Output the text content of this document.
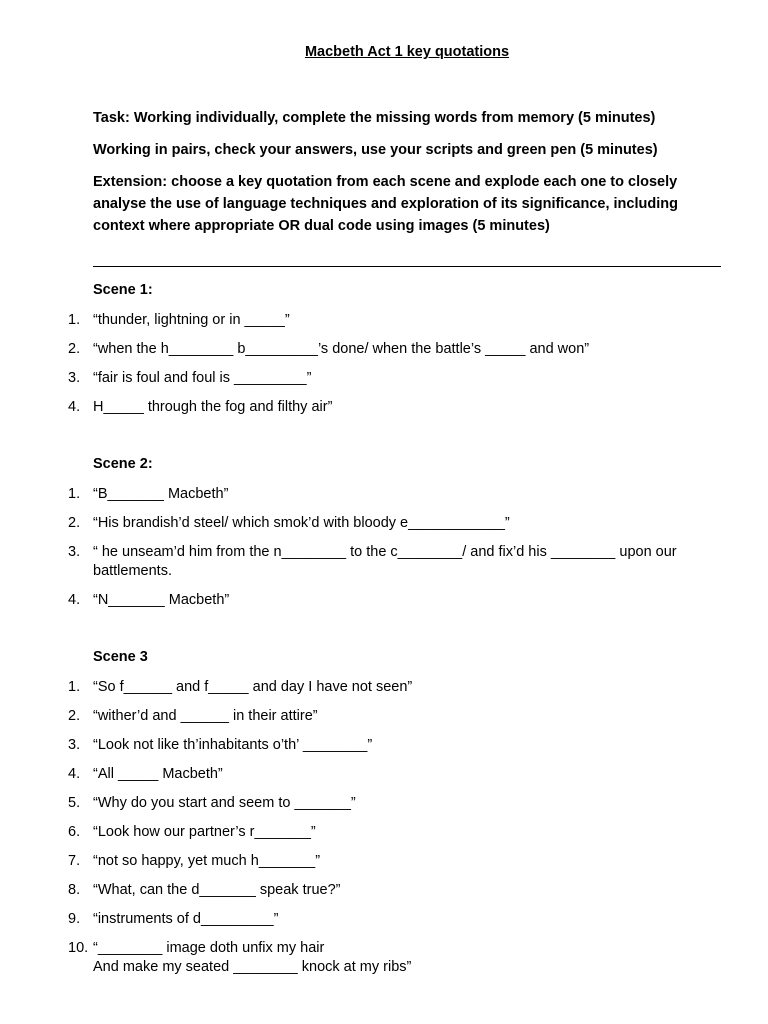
Macbeth Act 1 key quotations
Task: Working individually, complete the missing words from memory (5 minutes)
Working in pairs, check your answers, use your scripts and green pen (5 minutes)
Extension: choose a key quotation from each scene and explode each one to closely analyse the use of language techniques and exploration of its significance, including context where appropriate OR dual code using images (5 minutes)
Scene 1:
1. “thunder, lightning or in _____”
2. “when the h________ b_________’s done/ when the battle’s _____ and won”
3. “fair is foul and foul is _________”
4. H_____ through the fog and filthy air”
Scene 2:
1. “B_______ Macbeth”
2. “His brandish’d steel/ which smok’d with bloody e____________”
3. “ he unseam’d him from the n________ to the c________/ and fix’d his ________ upon our battlements.
4. “N_______ Macbeth”
Scene 3
1. “So f______ and f_____ and day I have not seen”
2. “wither’d and ______ in their attire”
3. “Look not like th’inhabitants o’th’ ________”
4. “All _____ Macbeth”
5. “Why do you start and seem to _______”
6. “Look how our partner’s r_______”
7. “not so happy, yet much h_______”
8. “What, can the d_______ speak true?”
9. “instruments of d_________”
10. “________ image doth unfix my hair
And make my seated ________ knock at my ribs”
